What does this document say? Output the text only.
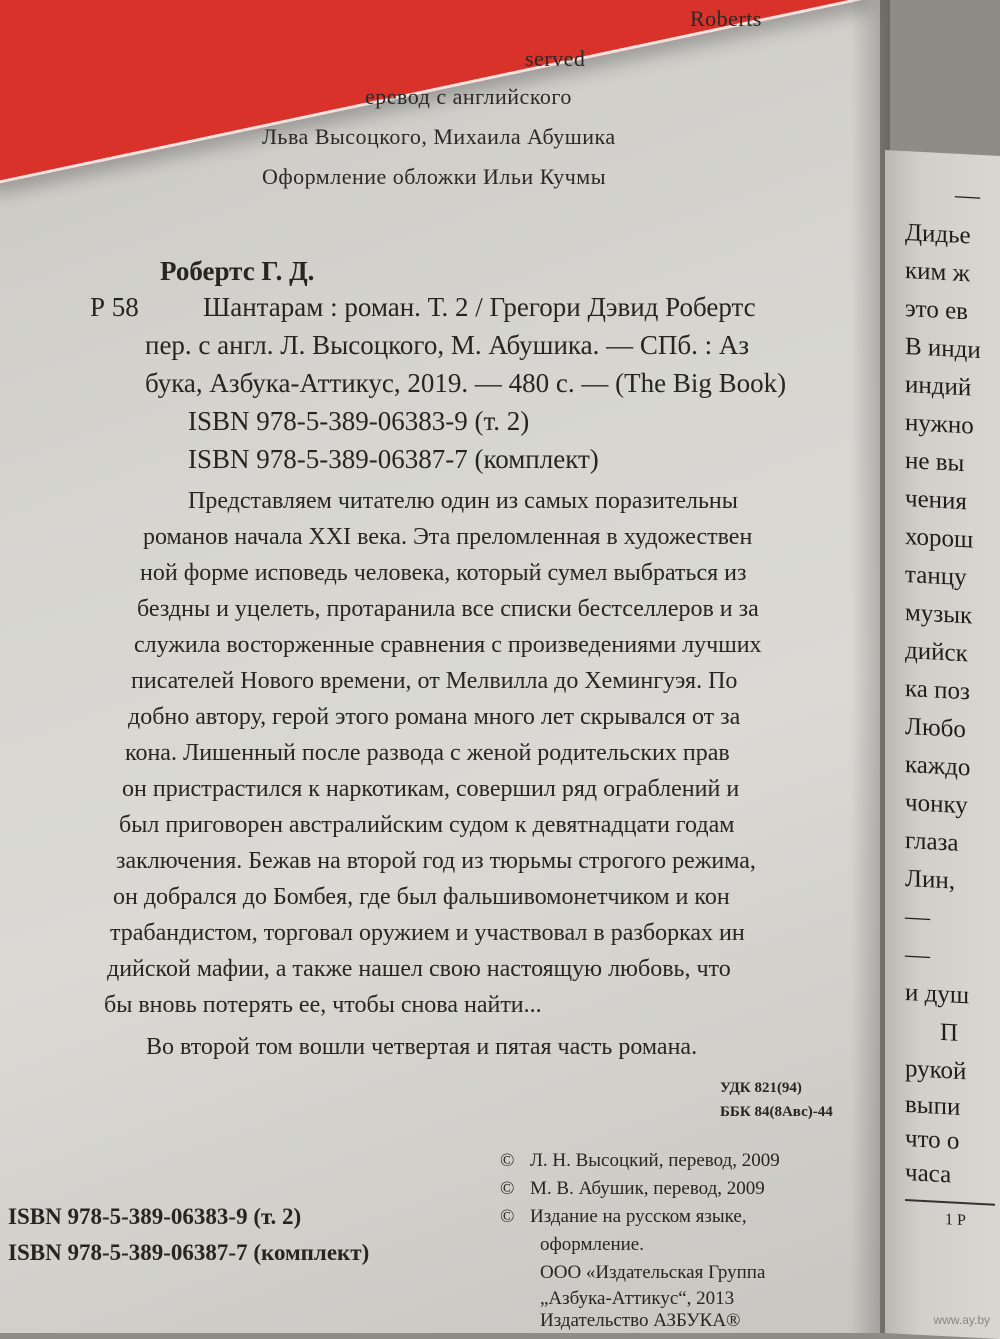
Roberts
served
еревод с английского
Льва Высоцкого, Михаила Абушика
Оформление обложки Ильи Кучмы
Робертс Г. Д.
Р 58 Шантарам : роман. Т. 2 / Грегори Дэвид Робертс
пер. с англ. Л. Высоцкого, М. Абушика. — СПб. : Аз
бука, Азбука-Аттикус, 2019. — 480 с. — (The Big Book)
ISBN 978-5-389-06383-9 (т. 2)
ISBN 978-5-389-06387-7 (комплект)
Представляем читателю один из самых поразительны
романов начала XXI века. Эта преломленная в художествен
ной форме исповедь человека, который сумел выбраться из
бездны и уцелеть, протаранила все списки бестселлеров и за
служила восторженные сравнения с произведениями лучших
писателей Нового времени, от Мелвилла до Хемингуэя. По
добно автору, герой этого романа много лет скрывался от за
кона. Лишенный после развода с женой родительских прав
он пристрастился к наркотикам, совершил ряд ограблений и
был приговорен австралийским судом к девятнадцати годам
заключения. Бежав на второй год из тюрьмы строгого режима,
он добрался до Бомбея, где был фальшивомонетчиком и кон
трабандистом, торговал оружием и участвовал в разборках ин
дийской мафии, а также нашел свою настоящую любовь, что
бы вновь потерять ее, чтобы снова найти...
Во второй том вошли четвертая и пятая часть романа.
УДК 821(94)
ББК 84(8Авс)-44
© Л. Н. Высоцкий, перевод, 2009
© М. В. Абушик, перевод, 2009
© Издание на русском языке,
оформление.
ООО «Издательская Группа
„Азбука-Аттикус“, 2013
Издательство АЗБУКА®
ISBN 978-5-389-06383-9 (т. 2)
ISBN 978-5-389-06387-7 (комплект)
—
Дидье
ким ж
это ев
В инди
индий
нужно
не вы
чения
хорош
танцу
музык
дийск
ка поз
Любо
каждо
чонку
глаза
Лин,
—
—
и душ
П
рукой
выпи
что о
часа
1 P
www.ay.by
